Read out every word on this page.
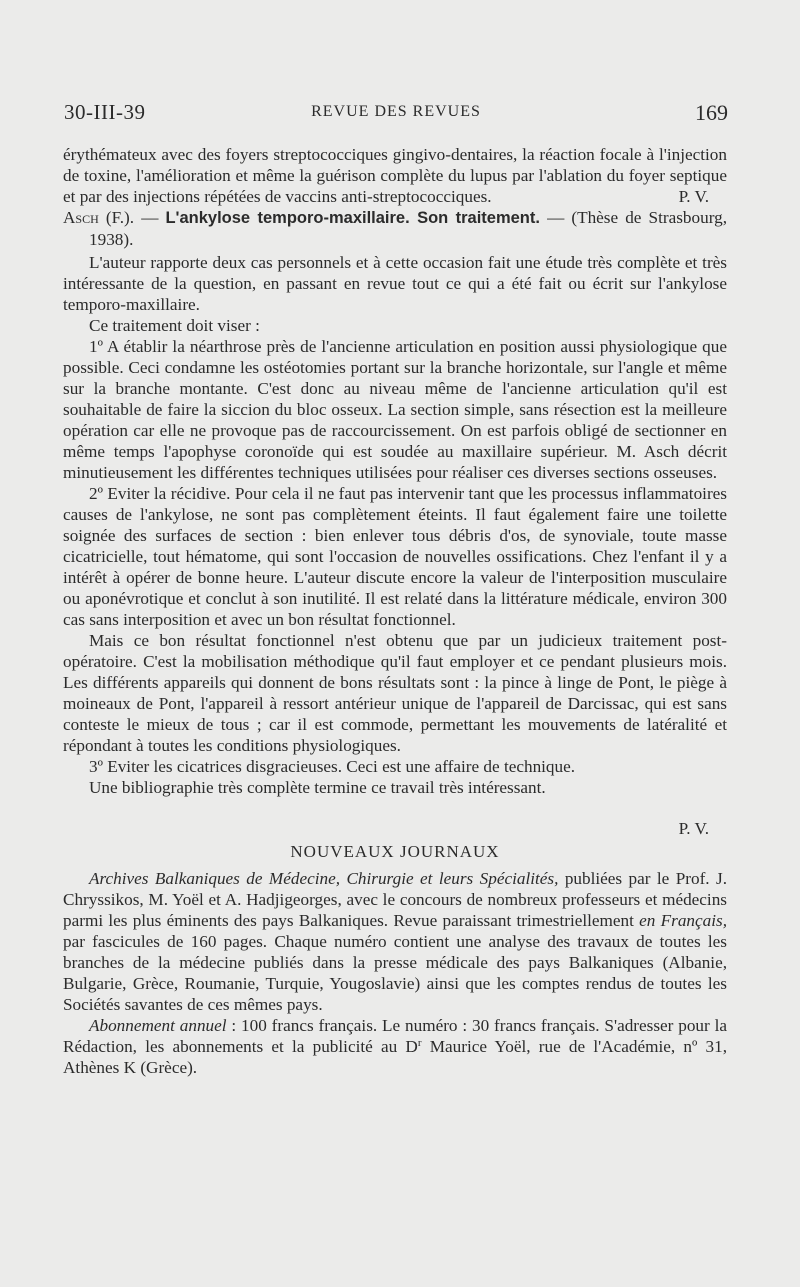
30-III-39	REVUE DES REVUES	169

érythémateux avec des foyers streptococciques gingivo-dentaires, la réaction focale à l'injection de toxine, l'amélioration et même la guérison complète du lupus par l'ablation du foyer septique et par des injections répétées de vaccins anti-streptococciques.	P. V.

Asch (F.). — L'ankylose temporo-maxillaire. Son traitement. — (Thèse de Strasbourg, 1938).

L'auteur rapporte deux cas personnels et à cette occasion fait une étude très complète et très intéressante de la question, en passant en revue tout ce qui a été fait ou écrit sur l'ankylose temporo-maxillaire.

Ce traitement doit viser :

1º A établir la néarthrose près de l'ancienne articulation en position aussi physiologique que possible. Ceci condamne les ostéotomies portant sur la branche horizontale, sur l'angle et même sur la branche montante. C'est donc au niveau même de l'ancienne articulation qu'il est souhaitable de faire la siccion du bloc osseux. La section simple, sans résection est la meilleure opération car elle ne provoque pas de raccourcissement. On est parfois obligé de sectionner en même temps l'apophyse coronoïde qui est soudée au maxillaire supérieur. M. Asch décrit minutieusement les différentes techniques utilisées pour réaliser ces diverses sections osseuses.

2º Eviter la récidive. Pour cela il ne faut pas intervenir tant que les processus inflammatoires causes de l'ankylose, ne sont pas complètement éteints. Il faut également faire une toilette soignée des surfaces de section : bien enlever tous débris d'os, de synoviale, toute masse cicatricielle, tout hématome, qui sont l'occasion de nouvelles ossifications. Chez l'enfant il y a intérêt à opérer de bonne heure. L'auteur discute encore la valeur de l'interposition musculaire ou aponévrotique et conclut à son inutilité. Il est relaté dans la littérature médicale, environ 300 cas sans interposition et avec un bon résultat fonctionnel.

Mais ce bon résultat fonctionnel n'est obtenu que par un judicieux traitement post-opératoire. C'est la mobilisation méthodique qu'il faut employer et ce pendant plusieurs mois. Les différents appareils qui donnent de bons résultats sont : la pince à linge de Pont, le piège à moineaux de Pont, l'appareil à ressort antérieur unique de l'appareil de Darcissac, qui est sans conteste le mieux de tous ; car il est commode, permettant les mouvements de latéralité et répondant à toutes les conditions physiologiques.

3º Eviter les cicatrices disgracieuses. Ceci est une affaire de technique.

Une bibliographie très complète termine ce travail très intéressant.

P. V.

NOUVEAUX JOURNAUX

Archives Balkaniques de Médecine, Chirurgie et leurs Spécialités, publiées par le Prof. J. Chryssikos, M. Yoël et A. Hadjigeorges, avec le concours de nombreux professeurs et médecins parmi les plus éminents des pays Balkaniques. Revue paraissant trimestriellement en Français, par fascicules de 160 pages. Chaque numéro contient une analyse des travaux de toutes les branches de la médecine publiés dans la presse médicale des pays Balkaniques (Albanie, Bulgarie, Grèce, Roumanie, Turquie, Yougoslavie) ainsi que les comptes rendus de toutes les Sociétés savantes de ces mêmes pays.

Abonnement annuel : 100 francs français. Le numéro : 30 francs français. S'adresser pour la Rédaction, les abonnements et la publicité au $D^r$ Maurice Yoël, rue de l'Académie, nº 31, Athènes K (Grèce).
